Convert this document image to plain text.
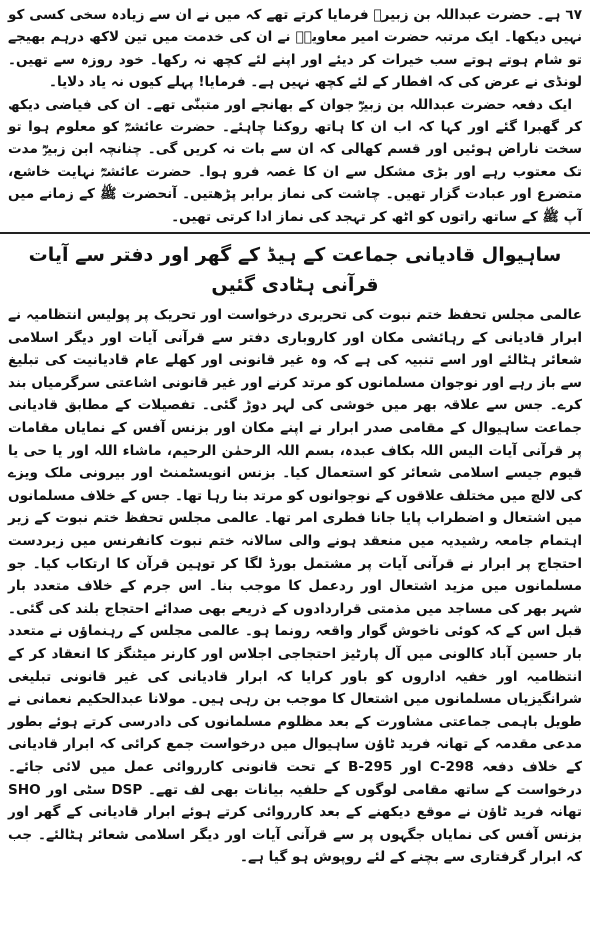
٦٧ ہے۔ حضرت عبداللہ بن زبیرؓ فرمایا کرتے تھے کہ میں نے ان سے زیادہ سخی کسی کو نہیں دیکھا۔ ایک مرتبہ حضرت امیر معاویہؓ نے ان کی خدمت میں تین لاکھ درہم بھیجے تو شام ہوتے ہوتے سب خیرات کر دیئے اور اپنے لئے کچھ نہ رکھا۔ خود روزہ سے تھیں۔ لونڈی نے عرض کی کہ افطار کے لئے کچھ نہیں ہے۔ فرمایا! پہلے کیوں نہ یاد دلایا۔

ایک دفعہ حضرت عبداللہ بن زبیرؓ جوان کے بھانجے اور متبنّٰی تھے۔ ان کی فیاضی دیکھ کر گھبرا گئے اور کہا کہ اب ان کا ہاتھ روکنا چاہئے۔ حضرت عائشہؓ کو معلوم ہوا تو سخت ناراض ہوئیں اور قسم کھالی کہ ان سے بات نہ کریں گی۔ چنانچہ ابن زبیرؓ مدت تک معتوب رہے اور بڑی مشکل سے ان کا غصہ فرو ہوا۔ حضرت عائشہؓ نہایت خاشع، متضرع اور عبادت گزار تھیں۔ چاشت کی نماز برابر پڑھتیں۔ آنحضرت ﷺ کے زمانے میں آپ ﷺ کے ساتھ راتوں کو اٹھ کر تہجد کی نماز ادا کرتی تھیں۔

ساہیوال قادیانی جماعت کے ہیڈ کے گھر اور دفتر سے آیات قرآنی ہٹادی گئیں

عالمی مجلس تحفظ ختم نبوت کی تحریری درخواست اور تحریک پر پولیس انتظامیہ نے ابرار قادیانی کے رہائشی مکان اور کاروباری دفتر سے قرآنی آیات اور دیگر اسلامی شعائر ہٹالئے اور اسے تنبیہ کی ہے کہ وہ غیر قانونی اور کھلے عام قادیانیت کی تبلیغ سے باز رہے اور نوجوان مسلمانوں کو مرتد کرنے اور غیر قانونی اشاعتی سرگرمیاں بند کرے۔ جس سے علاقہ بھر میں خوشی کی لہر دوڑ گئی۔ تفصیلات کے مطابق قادیانی جماعت ساہیوال کے مقامی صدر ابرار نے اپنے مکان اور بزنس آفس کے نمایاں مقامات پر قرآنی آیات الیس اللہ بکاف عبدہ، بسم اللہ الرحمٰن الرحیم، ماشاء اللہ اور یا حی یا قیوم جیسے اسلامی شعائر کو استعمال کیا۔ بزنس انویسٹمنٹ اور بیرونی ملک ویزے کی لالچ میں مختلف علاقوں کے نوجوانوں کو مرتد بنا رہا تھا۔ جس کے خلاف مسلمانوں میں اشتعال و اضطراب پایا جانا فطری امر تھا۔ عالمی مجلس تحفظ ختم نبوت کے زیر اہتمام جامعہ رشیدیہ میں منعقد ہونے والی سالانہ ختم نبوت کانفرنس میں زبردست احتجاج پر ابرار نے قرآنی آیات پر مشتمل بورڈ لگا کر توہین قرآن کا ارتکاب کیا۔ جو مسلمانوں میں مزید اشتعال اور ردعمل کا موجب بنا۔ اس جرم کے خلاف متعدد بار شہر بھر کی مساجد میں مذمتی قراردادوں کے ذریعے بھی صدائے احتجاج بلند کی گئی۔ قبل اس کے کہ کوئی ناخوش گوار واقعہ رونما ہو۔ عالمی مجلس کے رہنماؤں نے متعدد بار حسین آباد کالونی میں آل پارٹیز احتجاجی اجلاس اور کارنر میٹنگز کا انعقاد کر کے انتظامیہ اور خفیہ اداروں کو باور کرایا کہ ابرار قادیانی کی غیر قانونی تبلیغی شرانگیزیاں مسلمانوں میں اشتعال کا موجب بن رہی ہیں۔ مولانا عبدالحکیم نعمانی نے طویل باہمی جماعتی مشاورت کے بعد مظلوم مسلمانوں کی دادرسی کرتے ہوئے بطور مدعی مقدمہ کے تھانہ فرید ٹاؤن ساہیوال میں درخواست جمع کرائی کہ ابرار قادیانی کے خلاف دفعہ 298-C اور 295-B کے تحت قانونی کارروائی عمل میں لائی جائے۔ درخواست کے ساتھ مقامی لوگوں کے حلفیہ بیانات بھی لف تھے۔ DSP سٹی اور SHO تھانہ فرید ٹاؤن نے موقع دیکھنے کے بعد کارروائی کرتے ہوئے ابرار قادیانی کے گھر اور بزنس آفس کی نمایاں جگہوں پر سے قرآنی آیات اور دیگر اسلامی شعائر ہٹالئے۔ جب کہ ابرار گرفتاری سے بچنے کے لئے روپوش ہو گیا ہے۔
